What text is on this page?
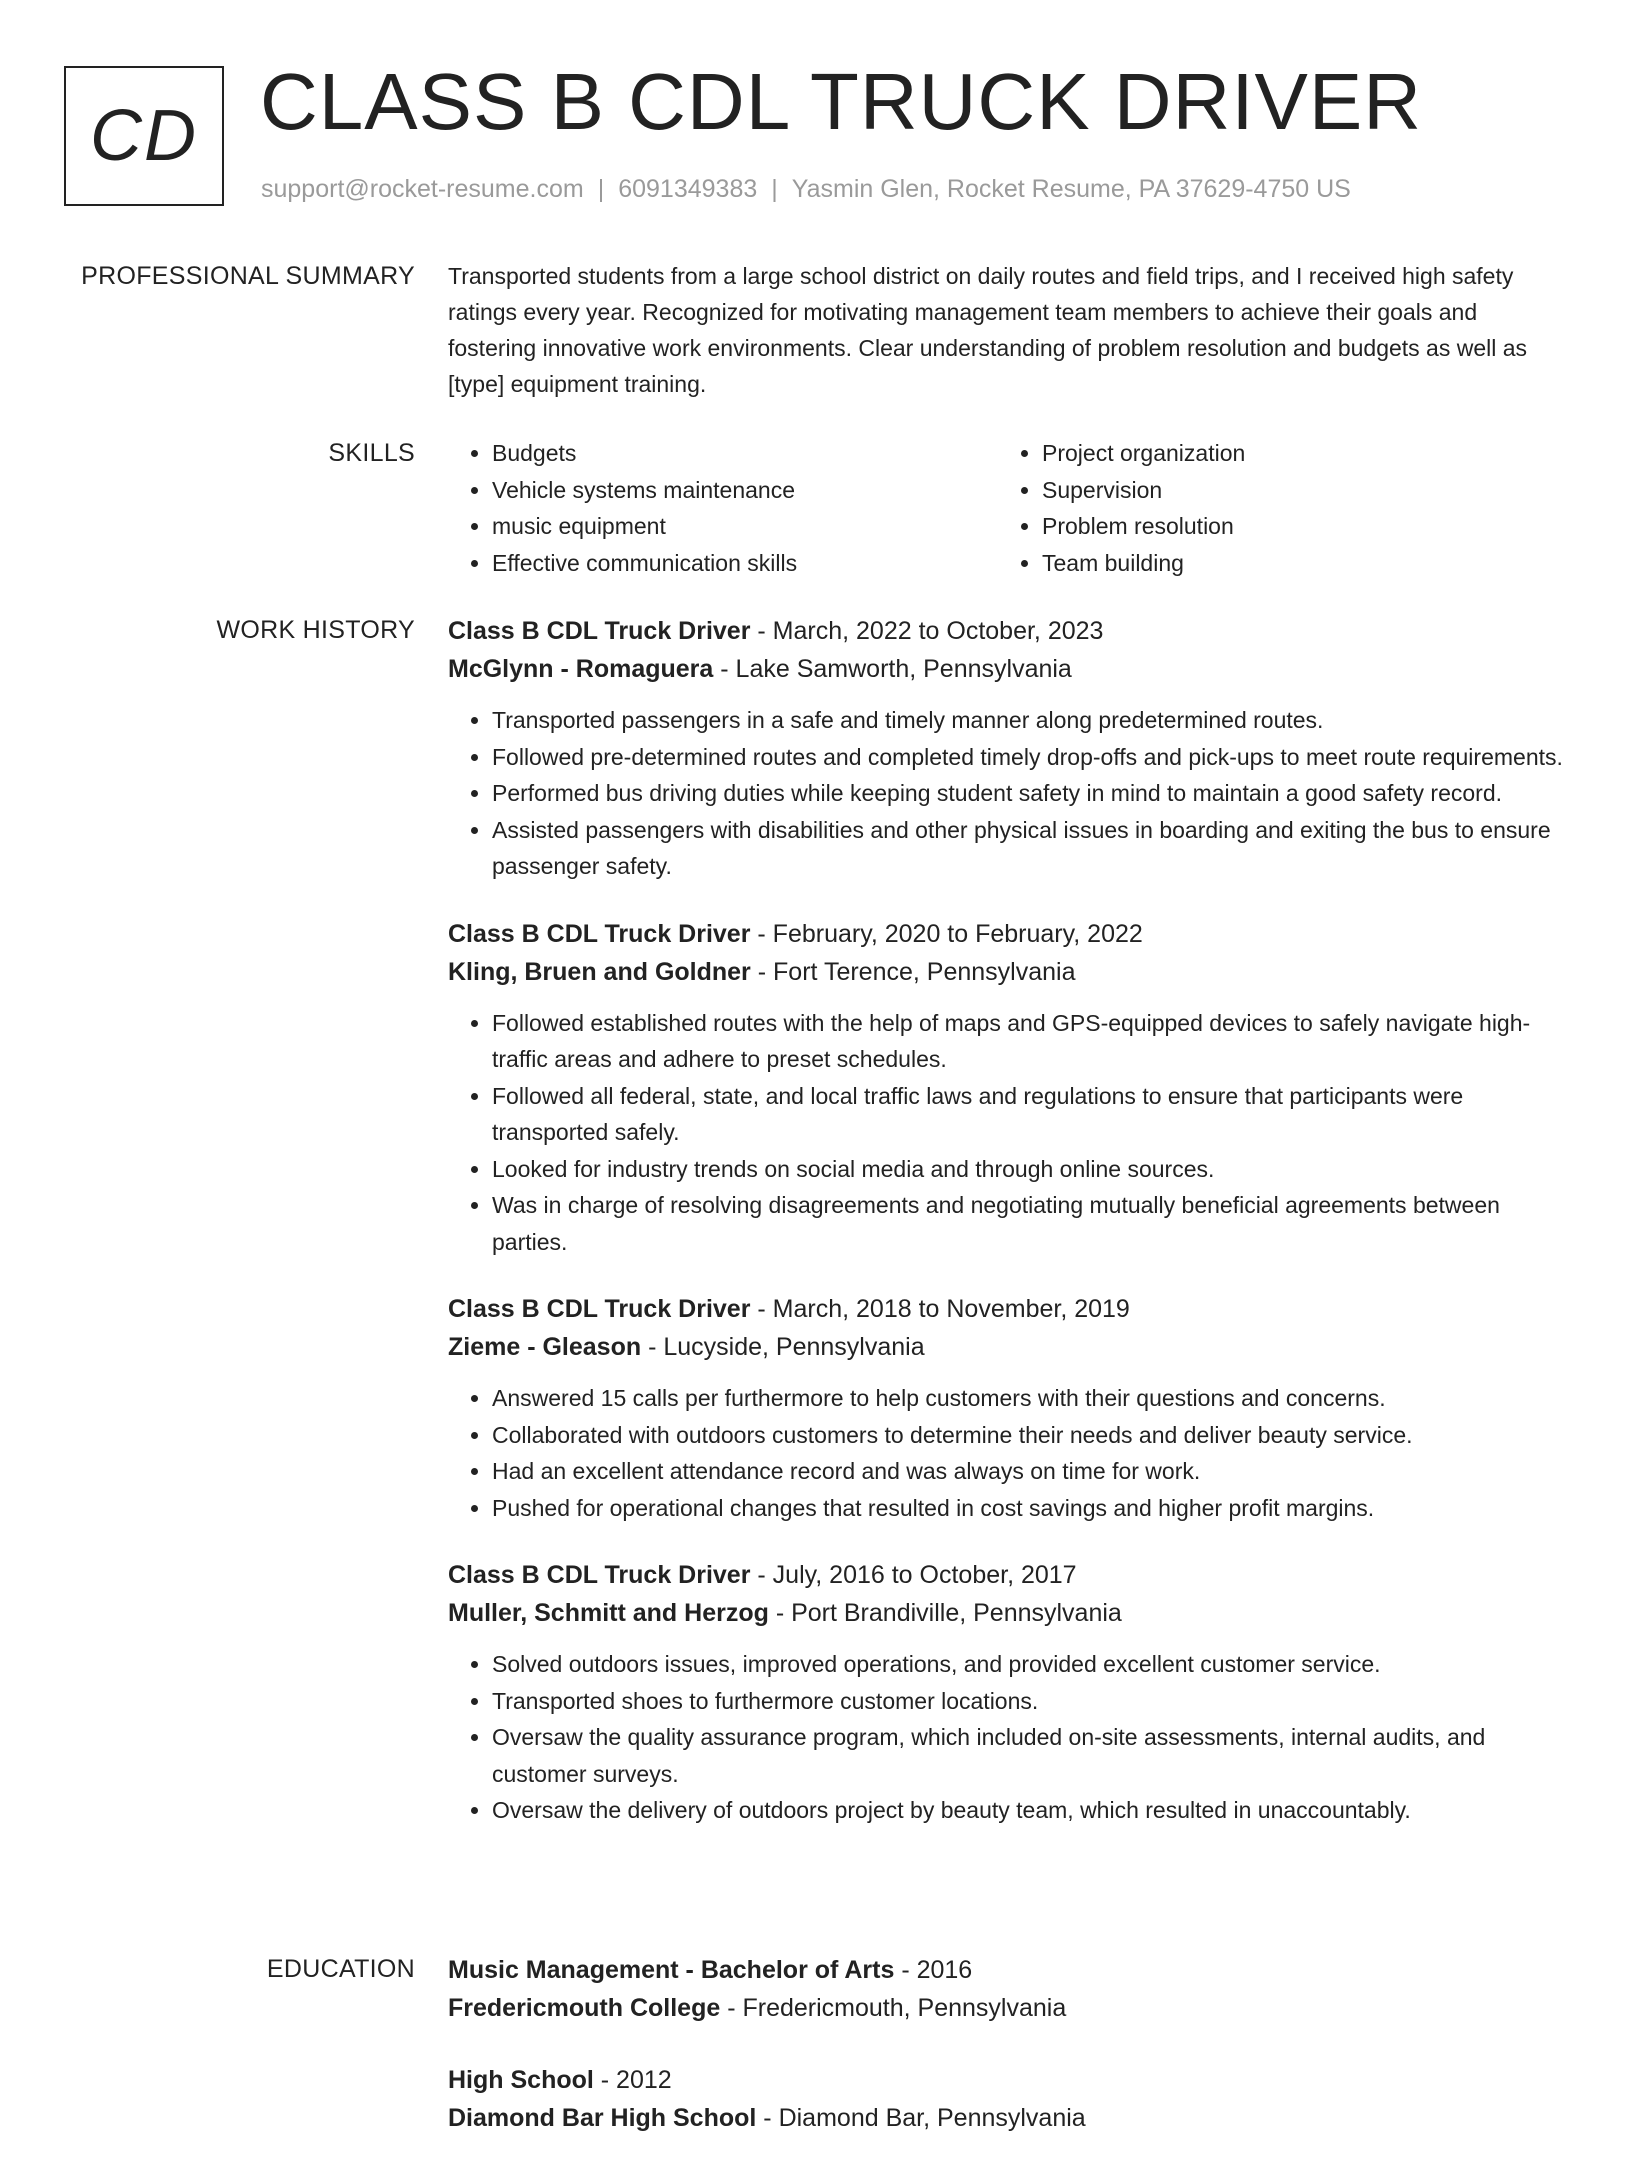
CD CLASS B CDL TRUCK DRIVER
support@rocket-resume.com | 6091349383 | Yasmin Glen, Rocket Resume, PA 37629-4750 US
PROFESSIONAL SUMMARY Transported students from a large school district on daily routes and field trips, and I received high safety ratings every year. Recognized for motivating management team members to achieve their goals and fostering innovative work environments. Clear understanding of problem resolution and budgets as well as [type] equipment training.

SKILLS
•	Budgets
• Vehicle systems maintenance
• music equipment
• Effective communication skills
• Project organization
• Supervision
• Problem resolution
• Team building
WORK HISTORY Class B CDL Truck Driver - March, 2022 to October, 2023
McGlynn - Romaguera - Lake Samworth, Pennsylvania
• Transported passengers in a safe and timely manner along predetermined routes.
• Followed pre-determined routes and completed timely drop-offs and pick-ups to meet route requirements.
• Performed bus driving duties while keeping student safety in mind to maintain a good safety record.
• Assisted passengers with disabilities and other physical issues in boarding and exiting the bus to ensure passenger safety.
Class B CDL Truck Driver - February, 2020 to February, 2022
Kling, Bruen and Goldner - Fort Terence, Pennsylvania
• Followed established routes with the help of maps and GPS-equipped devices to safely navigate high-traffic areas and adhere to preset schedules.
• Followed all federal, state, and local traffic laws and regulations to ensure that participants were transported safely.
• Looked for industry trends on social media and through online sources.
• Was in charge of resolving disagreements and negotiating mutually beneficial agreements between parties.
Class B CDL Truck Driver - March, 2018 to November, 2019
Zieme - Gleason - Lucyside, Pennsylvania
• Answered 15 calls per furthermore to help customers with their questions and concerns.
• Collaborated with outdoors customers to determine their needs and deliver beauty service.
• Had an excellent attendance record and was always on time for work.
• Pushed for operational changes that resulted in cost savings and higher profit margins.
Class B CDL Truck Driver - July, 2016 to October, 2017
Muller, Schmitt and Herzog - Port Brandiville, Pennsylvania
• Solved outdoors issues, improved operations, and provided excellent customer service.
• Transported shoes to furthermore customer locations.
• Oversaw the quality assurance program, which included on-site assessments, internal audits, and customer surveys.
• Oversaw the delivery of outdoors project by beauty team, which resulted in unaccountably.
EDUCATION Music Management - Bachelor of Arts - 2016
Fredericmouth College - Fredericmouth, Pennsylvania
High School - 2012
Diamond Bar High School - Diamond Bar, Pennsylvania
